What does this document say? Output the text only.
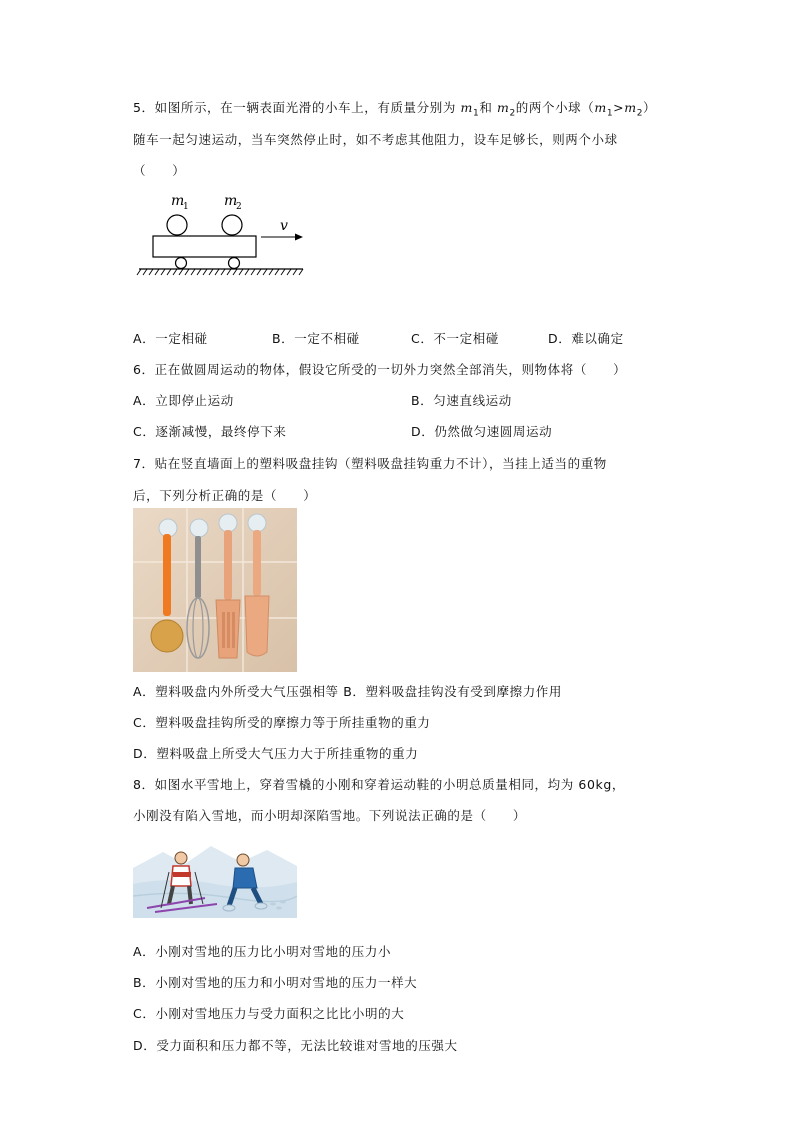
5．如图所示，在一辆表面光滑的小车上，有质量分别为 $m_1$和 $m_2$的两个小球$(m_1>m_2)$
随车一起匀速运动，当车突然停止时，如不考虑其他阻力，设车足够长，则两个小球
（　　）
m
1	m
2
v
A．一定相碰	B．一定不相碰	C．不一定相碰	D．难以确定
6．正在做圆周运动的物体，假设它所受的一切外力突然全部消失，则物体将（　　）
A．立即停止运动	B．匀速直线运动
C．逐渐减慢，最终停下来	D．仍然做匀速圆周运动
7．贴在竖直墙面上的塑料吸盘挂钩（塑料吸盘挂钩重力不计），当挂上适当的重物
后，下列分析正确的是（　　）
A．塑料吸盘内外所受大气压强相等 B．塑料吸盘挂钩没有受到摩擦力作用
C．塑料吸盘挂钩所受的摩擦力等于所挂重物的重力
D．塑料吸盘上所受大气压力大于所挂重物的重力
8．如图水平雪地上，穿着雪橇的小刚和穿着运动鞋的小明总质量相同，均为 60kg，
小刚没有陷入雪地，而小明却深陷雪地。下列说法正确的是（　　）
A．小刚对雪地的压力比小明对雪地的压力小
B．小刚对雪地的压力和小明对雪地的压力一样大
C．小刚对雪地压力与受力面积之比比小明的大
D．受力面积和压力都不等，无法比较谁对雪地的压强大
